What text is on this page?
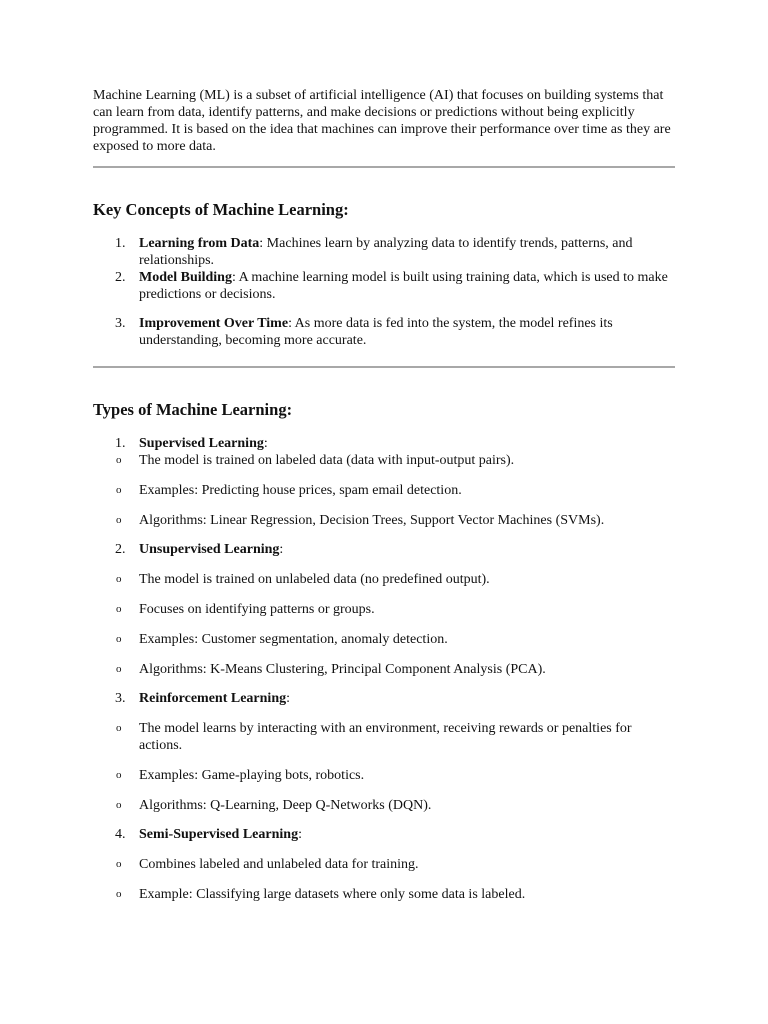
Machine Learning (ML) is a subset of artificial intelligence (AI) that focuses on building systems that can learn from data, identify patterns, and make decisions or predictions without being explicitly programmed. It is based on the idea that machines can improve their performance over time as they are exposed to more data.

Key Concepts of Machine Learning:
1. Learning from Data: Machines learn by analyzing data to identify trends, patterns, and relationships.
2. Model Building: A machine learning model is built using training data, which is used to make predictions or decisions.
3. Improvement Over Time: As more data is fed into the system, the model refines its understanding, becoming more accurate.
Types of Machine Learning:
1. Supervised Learning:
o The model is trained on labeled data (data with input-output pairs).
o Examples: Predicting house prices, spam email detection.
o Algorithms: Linear Regression, Decision Trees, Support Vector Machines (SVMs).
2. Unsupervised Learning:
o The model is trained on unlabeled data (no predefined output).
o Focuses on identifying patterns or groups.
o Examples: Customer segmentation, anomaly detection.
o Algorithms: K-Means Clustering, Principal Component Analysis (PCA).
3. Reinforcement Learning:
o The model learns by interacting with an environment, receiving rewards or penalties for actions.
o Examples: Game-playing bots, robotics.
o Algorithms: Q-Learning, Deep Q-Networks (DQN).
4. Semi-Supervised Learning:
o Combines labeled and unlabeled data for training.
o Example: Classifying large datasets where only some data is labeled.
